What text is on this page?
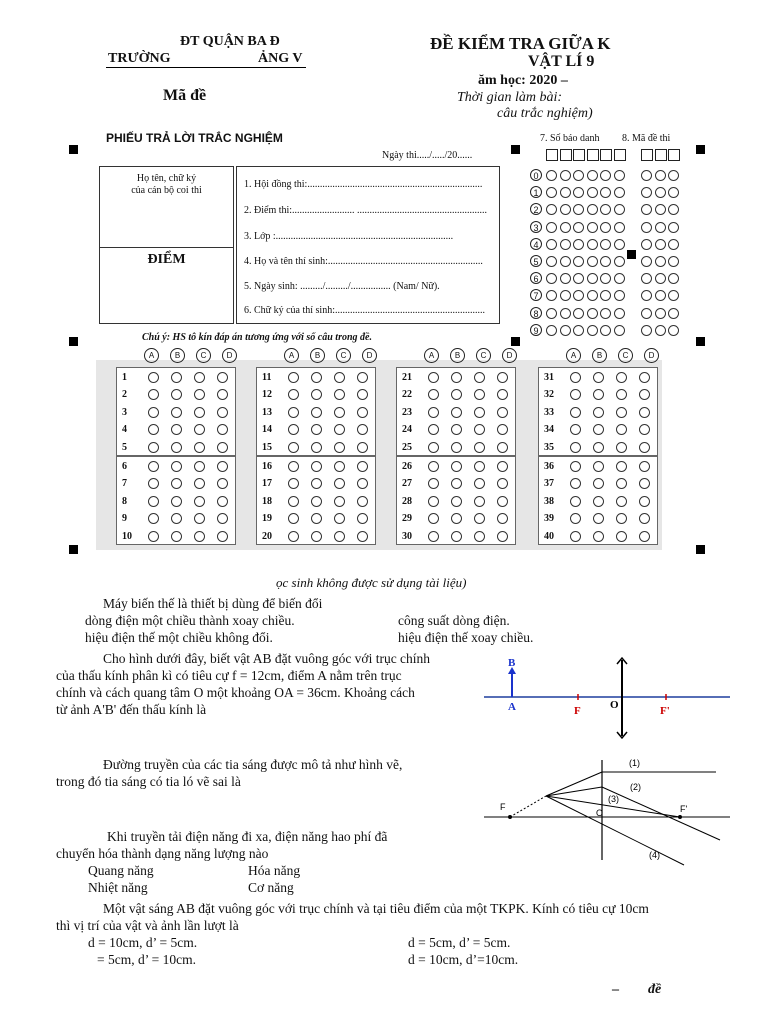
ĐT QUẬN BA Đ
TRƯỜNG	ẢNG V
Mã đề
ĐỀ KIỂM TRA GIỮA K
VẬT LÍ 9
ăm học: 2020 –
Thời gian làm bài:
câu trắc nghiệm)
PHIẾU TRẢ LỜI TRẮC NGHIỆM
Ngày thi...../...../20......
Họ tên, chữ ký
của cán bộ coi thi
ĐIỂM
1. Hội đồng thi:......................................................................
2. Điểm thi:......................... ....................................................
3. Lớp :.......................................................................
4. Họ và tên thí sinh:..............................................................
5. Ngày sinh: ........./........./................ (Nam/ Nữ).
6. Chữ ký của thí sinh:............................................................
7. Số báo danh 8. Mã đề thi
0
1
2
3
4
5
6
7
8
9
Chú ý: HS tô kín đáp án tương ứng với số câu trong đề.
A	B	C	D
1
2
3
4
5
6
7
8
9
10
A	B	C	D
11
12
13
14
15
16
17
18
19
20
A	B	C	D
21
22
23
24
25
26
27
28
29
30
A	B	C	D
31
32
33
34
35
36
37
38
39
40
ọc sinh không được sử dụng tài liệu)
Máy biến thế là thiết bị dùng để biến đổi
dòng điện một chiều thành xoay chiều.	công suất dòng điện.
hiệu điện thế một chiều không đổi.	hiệu điện thế xoay chiều.
Cho hình dưới đây, biết vật AB đặt vuông góc với trục chính
của thấu kính phân kì có tiêu cự f = 12cm, điểm A nằm trên trục
chính và cách quang tâm O một khoảng OA = 36cm. Khoảng cách
từ ảnh A'B' đến thấu kính là
B
A	F	O	F'
Đường truyền của các tia sáng được mô tả như hình vẽ,
trong đó tia sáng có tia ló vẽ sai là
F
O	F'
(1)
(2)
(3)
(4)
Khi truyền tải điện năng đi xa, điện năng hao phí đã
chuyển hóa thành dạng năng lượng nào
Quang năng	Hóa năng
Nhiệt năng	Cơ năng
Một vật sáng AB đặt vuông góc với trục chính và tại tiêu điểm của một TKPK. Kính có tiêu cự 10cm
thì vị trí của vật và ảnh lần lượt là
d = 10cm, d’ = 5cm.	d = 5cm, d’ = 5cm.
= 5cm, d’ = 10cm.	d = 10cm, d’=10cm.
– đề
